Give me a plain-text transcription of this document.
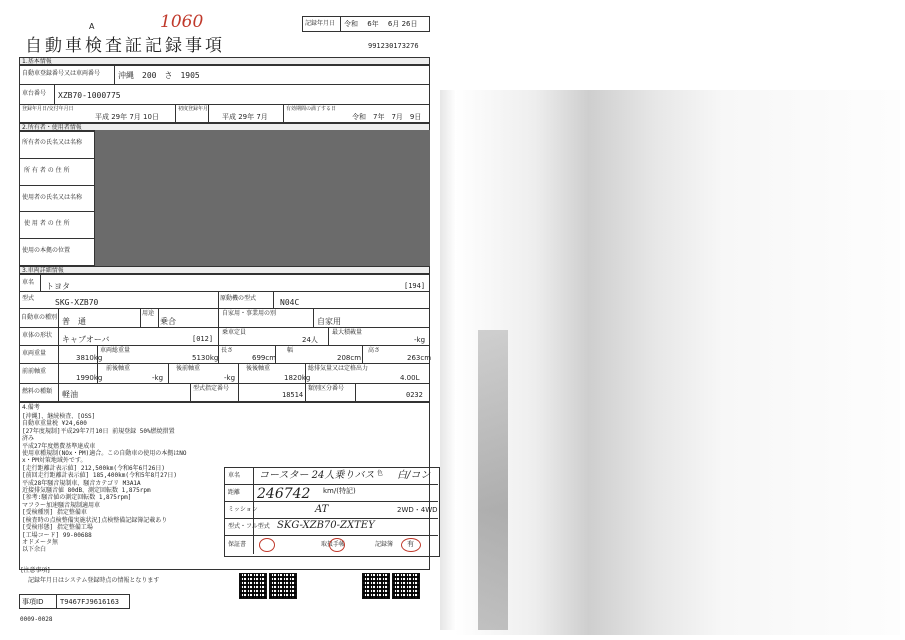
A	1060
自動車検査証記録事項
記録年月日 令和　 6年　 6月 26日
991230173276
1.基本情報
自動車登録番号又は車両番号 沖縄　200　さ　1905
車台番号 XZB70-1000775
登録年月日/交付年月日
平成 29年 7月 10日
初度登録年月
平成 29年 7月
有効期間の満了する日
令和　7年　7月　9日
2.所有者・使用者情報
所有者の氏名又は名称
所 有 者 の 住 所
使用者の氏名又は名称
使 用 者 の 住 所
使用の本拠の位置
3.車両詳細情報
車名 トヨタ	[194]
型式	SKG-XZB70	原動機の型式	N04C
自動車の種別 普　通
用途
乗合
自家用・事業用の別
自家用
車体の形状 キャブオーバ	[012]
乗車定員
24人
最大積載量
-kg
車両重量
3810kg
車両総重量
5130kg
長さ
699cm
幅
208cm
高さ
263cm
前前軸重
1990kg
前後軸重
-kg
後前軸重
-kg
後後軸重
1820kg
総排気量又は定格出力
4.00L
燃料の種類 軽油
型式指定番号
18514
類別区分番号
0232
4.備考
[沖縄]、継続検査、[OSS]
自動車重量税 ¥24,600
[27年度規制]平成29年7月10日 前規登録 50%燃焼措置
済み
平成27年度燃費基準達成車
使用車種規制(NOx・PM)適合。この自動車の使用の本拠はNO
x・PM対策地域外です。
[走行距離計表示値] 212,500km(令和6年6月26日)
[前回走行距離計表示値] 185,400km(令和5年8月27日)
平成28年騒音規制車、騒音カテゴリ M3A1A
近接排気騒音値 80dB、測定回転数 1,875rpm
[参考:騒音値の測定回転数 1,875rpm]
マフラー加速騒音規制適用車
[受検種別] 指定整備車
[検査時の点検整備実施状況]点検整備記録簿記載あり
[受検形態] 指定整備工場
[工場コード] 99-00688
オドメータ無
以下余白
車名 コースター 24人乗りバス 色 白/コン
距離 246742 km/(特記)
ミッション	AT	2WD・4WD
型式・フル型式 SKG-XZB70-ZXTEY
保証書	取扱手帳	記録簿 有
[注意事項]
記録年月日はシステム登録時点の情報となります
事項ID T9467FJ9616163
0009-0028
